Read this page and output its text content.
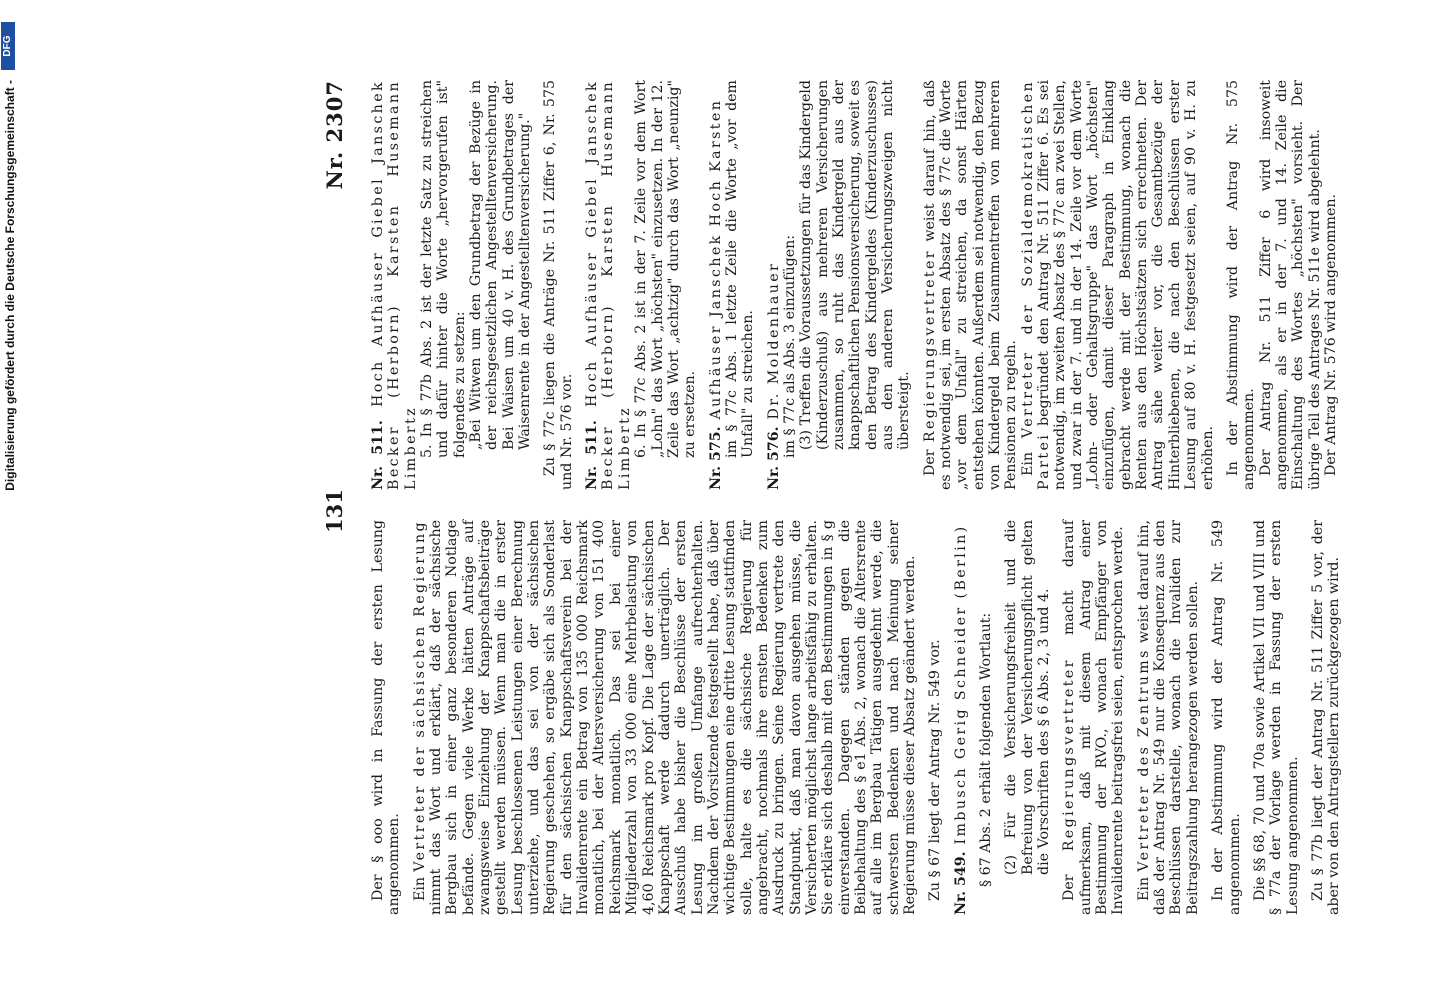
Digitalisierung gefördert durch die Deutsche Forschungsgemeinschaft -
DFG
131
Nr. 2307

Der § ooo wird in Fassung der ersten Lesung angenommen. Ein Vertreter der sächsischen Regierung nimmt das Wort und erklärt, daß der sächsische Bergbau sich in einer ganz besonderen Notlage befände. Gegen viele Werke hätten Anträge auf zwangsweise Einziehung der Knappschaftsbeiträge gestellt werden müssen. Wenn man die in erster Lesung beschlossenen Leistungen einer Berechnung unterziehe, und das sei von der sächsischen Regierung geschehen, so ergäbe sich als Sonderlast für den sächsischen Knappschaftsverein bei der Invalidenrente ein Betrag von 135 000 Reichsmark monatlich, bei der Altersversicherung von 151 400 Reichsmark monatlich. Das sei bei einer Mitgliederzahl von 33 000 eine Mehrbelastung von 4,60 Reichsmark pro Kopf. Die Lage der sächsischen Knappschaft werde dadurch unerträglich. Der Ausschuß habe bisher die Beschlüsse der ersten Lesung im großen Umfange aufrechterhalten. Nachdem der Vorsitzende festgestellt habe, daß über wichtige Bestimmungen eine dritte Lesung stattfinden solle, halte es die sächsische Regierung für angebracht, nochmals ihre ernsten Bedenken zum Ausdruck zu bringen. Seine Regierung vertrete den Standpunkt, daß man davon ausgehen müsse, die Versicherten möglichst lange arbeitsfähig zu erhalten. Sie erkläre sich deshalb mit den Bestimmungen in § g einverstanden. Dagegen ständen gegen die Beibehaltung des § e1 Abs. 2, wonach die Altersrente auf alle im Bergbau Tätigen ausgedehnt werde, die schwersten Bedenken und nach Meinung seiner Regierung müsse dieser Absatz geändert werden. Zu § 67 liegt der Antrag Nr. 549 vor. Nr. 549. Imbusch Gerig Schneider (Berlin) § 67 Abs. 2 erhält folgenden Wortlaut: (2) Für die Versicherungsfreiheit und die Befreiung von der Versicherungspflicht gelten die Vorschriften des § 6 Abs. 2, 3 und 4.

Der Regierungsvertreter macht darauf aufmerksam, daß mit diesem Antrag einer Bestimmung der RVO., wonach Empfänger von Invalidenrente beitragsfrei seien, entsprochen werde. Ein Vertreter des Zentrums weist darauf hin, daß der Antrag Nr. 549 nur die Konsequenz aus den Beschlüssen darstelle, wonach die Invaliden zur Beitragszahlung herangezogen werden sollen. In der Abstimmung wird der Antrag Nr. 549 angenommen. Die §§ 68, 70 und 70a sowie Artikel VII und VIII und § 77a der Vorlage werden in Fassung der ersten Lesung angenommen. Zu § 77b liegt der Antrag Nr. 511 Ziffer 5 vor, der aber von den Antragstellern zurückgezogen wird.

Nr. 511. Hoch Aufhäuser Giebel Janschek Becker (Herborn) Karsten Husemann Limbertz 5. In § 77b Abs. 2 ist der letzte Satz zu streichen und dafür hinter die Worte „hervorgerufen ist" folgendes zu setzen: „Bei Witwen um den Grundbetrag der Bezüge in der reichsgesetzlichen Angestelltenversicherung. Bei Waisen um 40 v. H. des Grundbetrages der Waisenrente in der Angestelltenversicherung." Zu § 77c liegen die Anträge Nr. 511 Ziffer 6, Nr. 575 und Nr. 576 vor. Nr. 511. Hoch Aufhäuser Giebel Janschek Becker (Herborn) Karsten Husemann Limbertz 6. In § 77c Abs. 2 ist in der 7. Zeile vor dem Wort „Lohn" das Wort „höchsten" einzusetzen. In der 12. Zeile das Wort „achtzig" durch das Wort „neunzig" zu ersetzen.

Nr. 575. Aufhäuser Janschek Hoch Karsten im § 77c Abs. 1 letzte Zeile die Worte „vor dem Unfall" zu streichen.

Nr. 576. Dr. Moldenhauer im § 77c als Abs. 3 einzufügen: (3) Treffen die Voraussetzungen für das Kindergeld (Kinderzuschuß) aus mehreren Versicherungen zusammen, so ruht das Kindergeld aus der knappschaftlichen Pensionsversicherung, soweit es den Betrag des Kindergeldes (Kinderzuschusses) aus den anderen Versicherungszweigen nicht übersteigt.

Der Regierungsvertreter weist darauf hin, daß es notwendig sei, im ersten Absatz des § 77c die Worte „vor dem Unfall" zu streichen, da sonst Härten entstehen könnten. Außerdem sei notwendig, den Bezug von Kindergeld beim Zusammentreffen von mehreren Pensionen zu regeln. Ein Vertreter der Sozialdemokratischen Partei begründet den Antrag Nr. 511 Ziffer 6. Es sei notwendig, im zweiten Absatz des § 77c an zwei Stellen, und zwar in der 7. und in der 14. Zeile vor dem Worte „Lohn- oder Gehaltsgruppe" das Wort „höchsten" einzufügen, damit dieser Paragraph in Einklang gebracht werde mit der Bestimmung, wonach die Renten aus den Höchstsätzen sich errechneten. Der Antrag sähe weiter vor, die Gesamtbezüge der Hinterbliebenen, die nach den Beschlüssen erster Lesung auf 80 v. H. festgesetzt seien, auf 90 v. H. zu erhöhen. In der Abstimmung wird der Antrag Nr. 575 angenommen. Der Antrag Nr. 511 Ziffer 6 wird insoweit angenommen, als er in der 7. und 14. Zeile die Einschaltung des Wortes „höchsten" vorsieht. Der übrige Teil des Antrages Nr. 511e wird abgelehnt. Der Antrag Nr. 576 wird angenommen.
